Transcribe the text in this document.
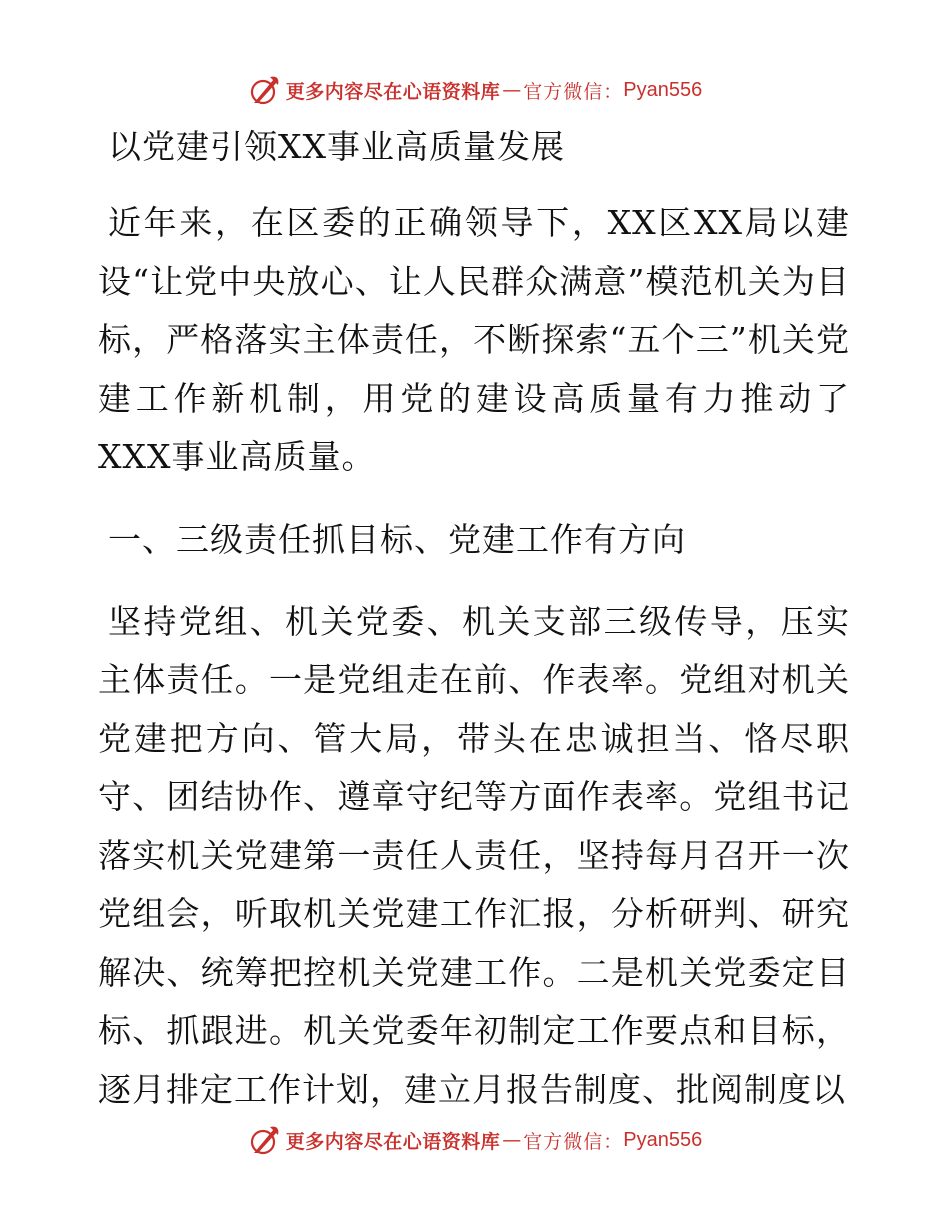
更多内容尽在心语资料库 — 官方微信： Pyan556
以党建引领XX事业高质量发展

近年来，在区委的正确领导下，XX区XX局以建设“让党中央放心、让人民群众满意”模范机关为目标，严格落实主体责任，不断探索“五个三”机关党建工作新机制，用党的建设高质量有力推动了XXX事业高质量。

一、三级责任抓目标、党建工作有方向

坚持党组、机关党委、机关支部三级传导，压实主体责任。一是党组走在前、作表率。党组对机关党建把方向、管大局，带头在忠诚担当、恪尽职守、团结协作、遵章守纪等方面作表率。党组书记落实机关党建第一责任人责任，坚持每月召开一次党组会，听取机关党建工作汇报，分析研判、研究解决、统筹把控机关党建工作。二是机关党委定目标、抓跟进。机关党委年初制定工作要点和目标，逐月排定工作计划，建立月报告制度、批阅制度以

更多内容尽在心语资料库 — 官方微信： Pyan556
